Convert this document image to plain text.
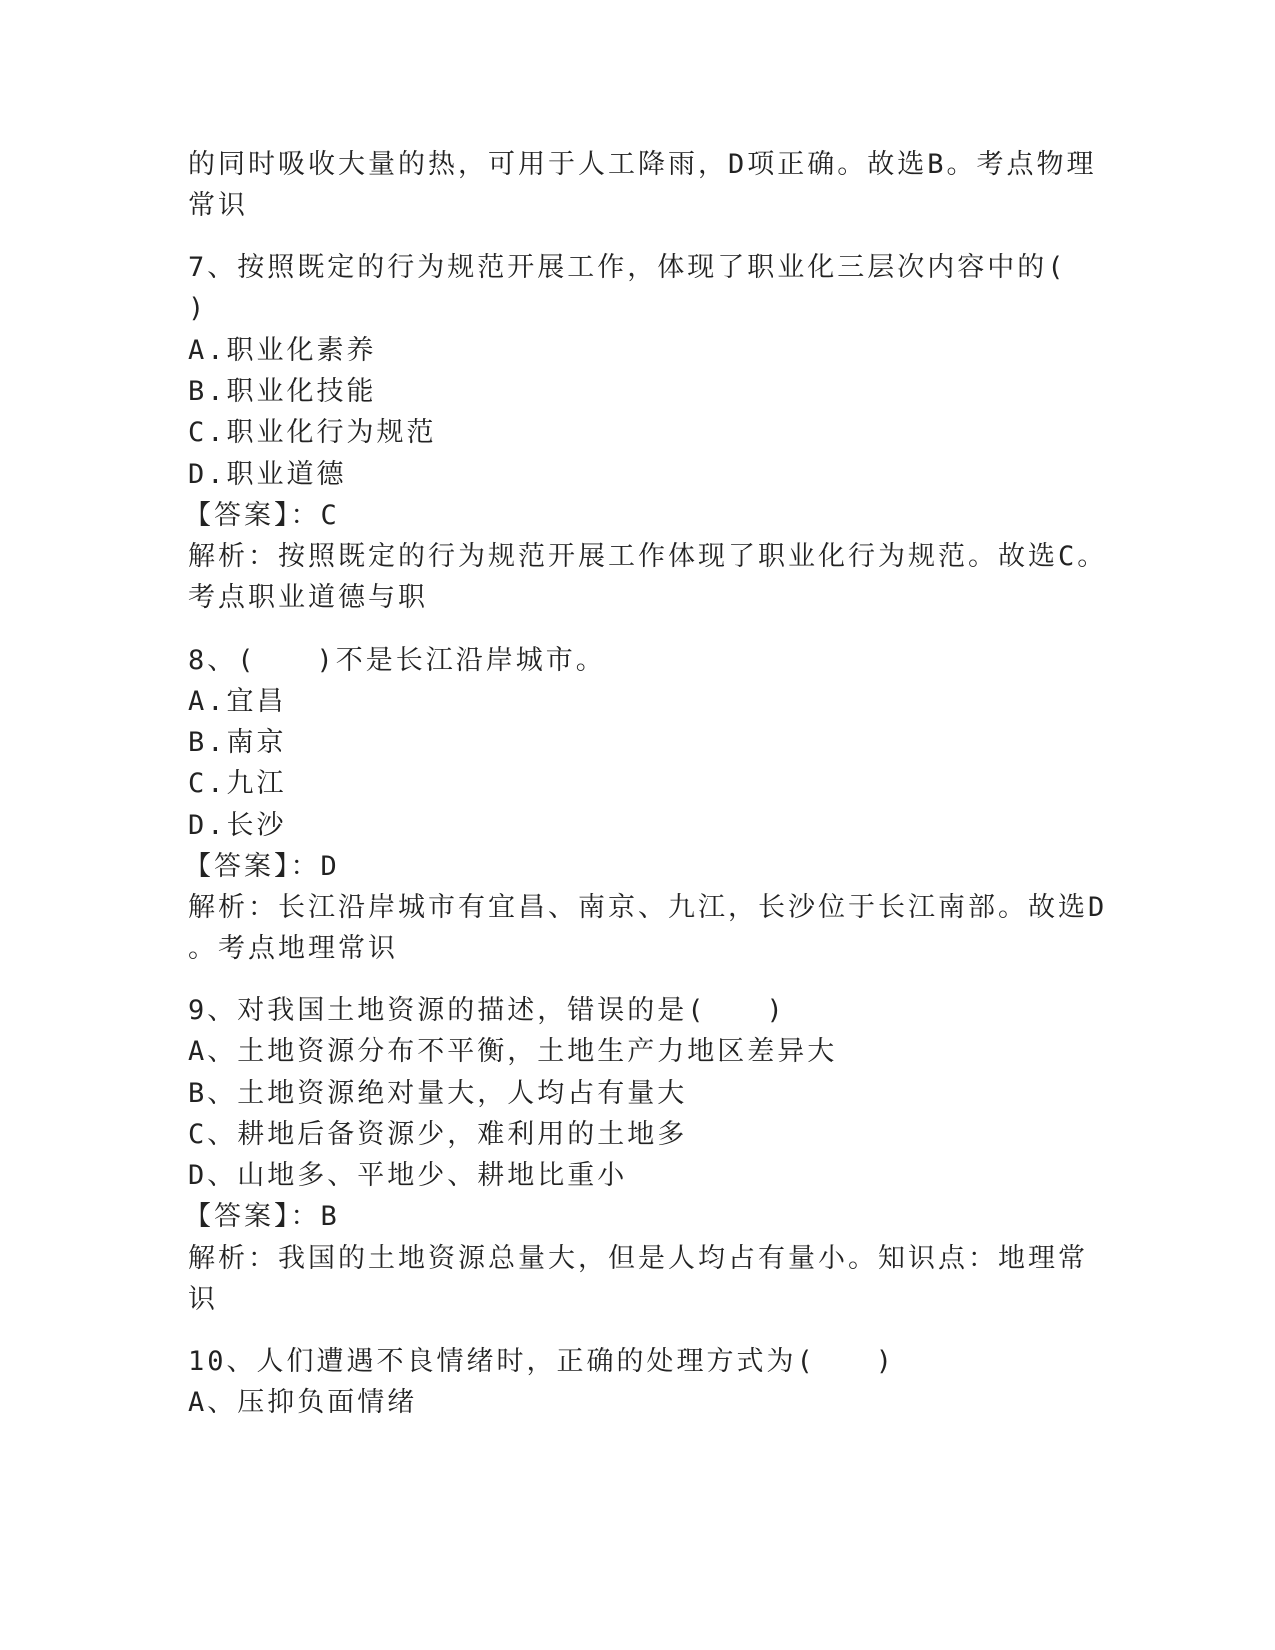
的同时吸收大量的热，可用于人工降雨，D项正确。故选B。考点物理

常识

7、按照既定的行为规范开展工作，体现了职业化三层次内容中的(

)

A.职业化素养

B.职业化技能

C.职业化行为规范

D.职业道德

【答案】：C

解析：按照既定的行为规范开展工作体现了职业化行为规范。故选C。

考点职业道德与职

8、(　　)不是长江沿岸城市。

A.宜昌

B.南京

C.九江

D.长沙

【答案】：D

解析：长江沿岸城市有宜昌、南京、九江，长沙位于长江南部。故选D

。考点地理常识

9、对我国土地资源的描述，错误的是(　　)

A、土地资源分布不平衡，土地生产力地区差异大

B、土地资源绝对量大，人均占有量大

C、耕地后备资源少，难利用的土地多

D、山地多、平地少、耕地比重小

【答案】：B

解析：我国的土地资源总量大，但是人均占有量小。知识点：地理常

识

10、人们遭遇不良情绪时，正确的处理方式为(　　)

A、压抑负面情绪
